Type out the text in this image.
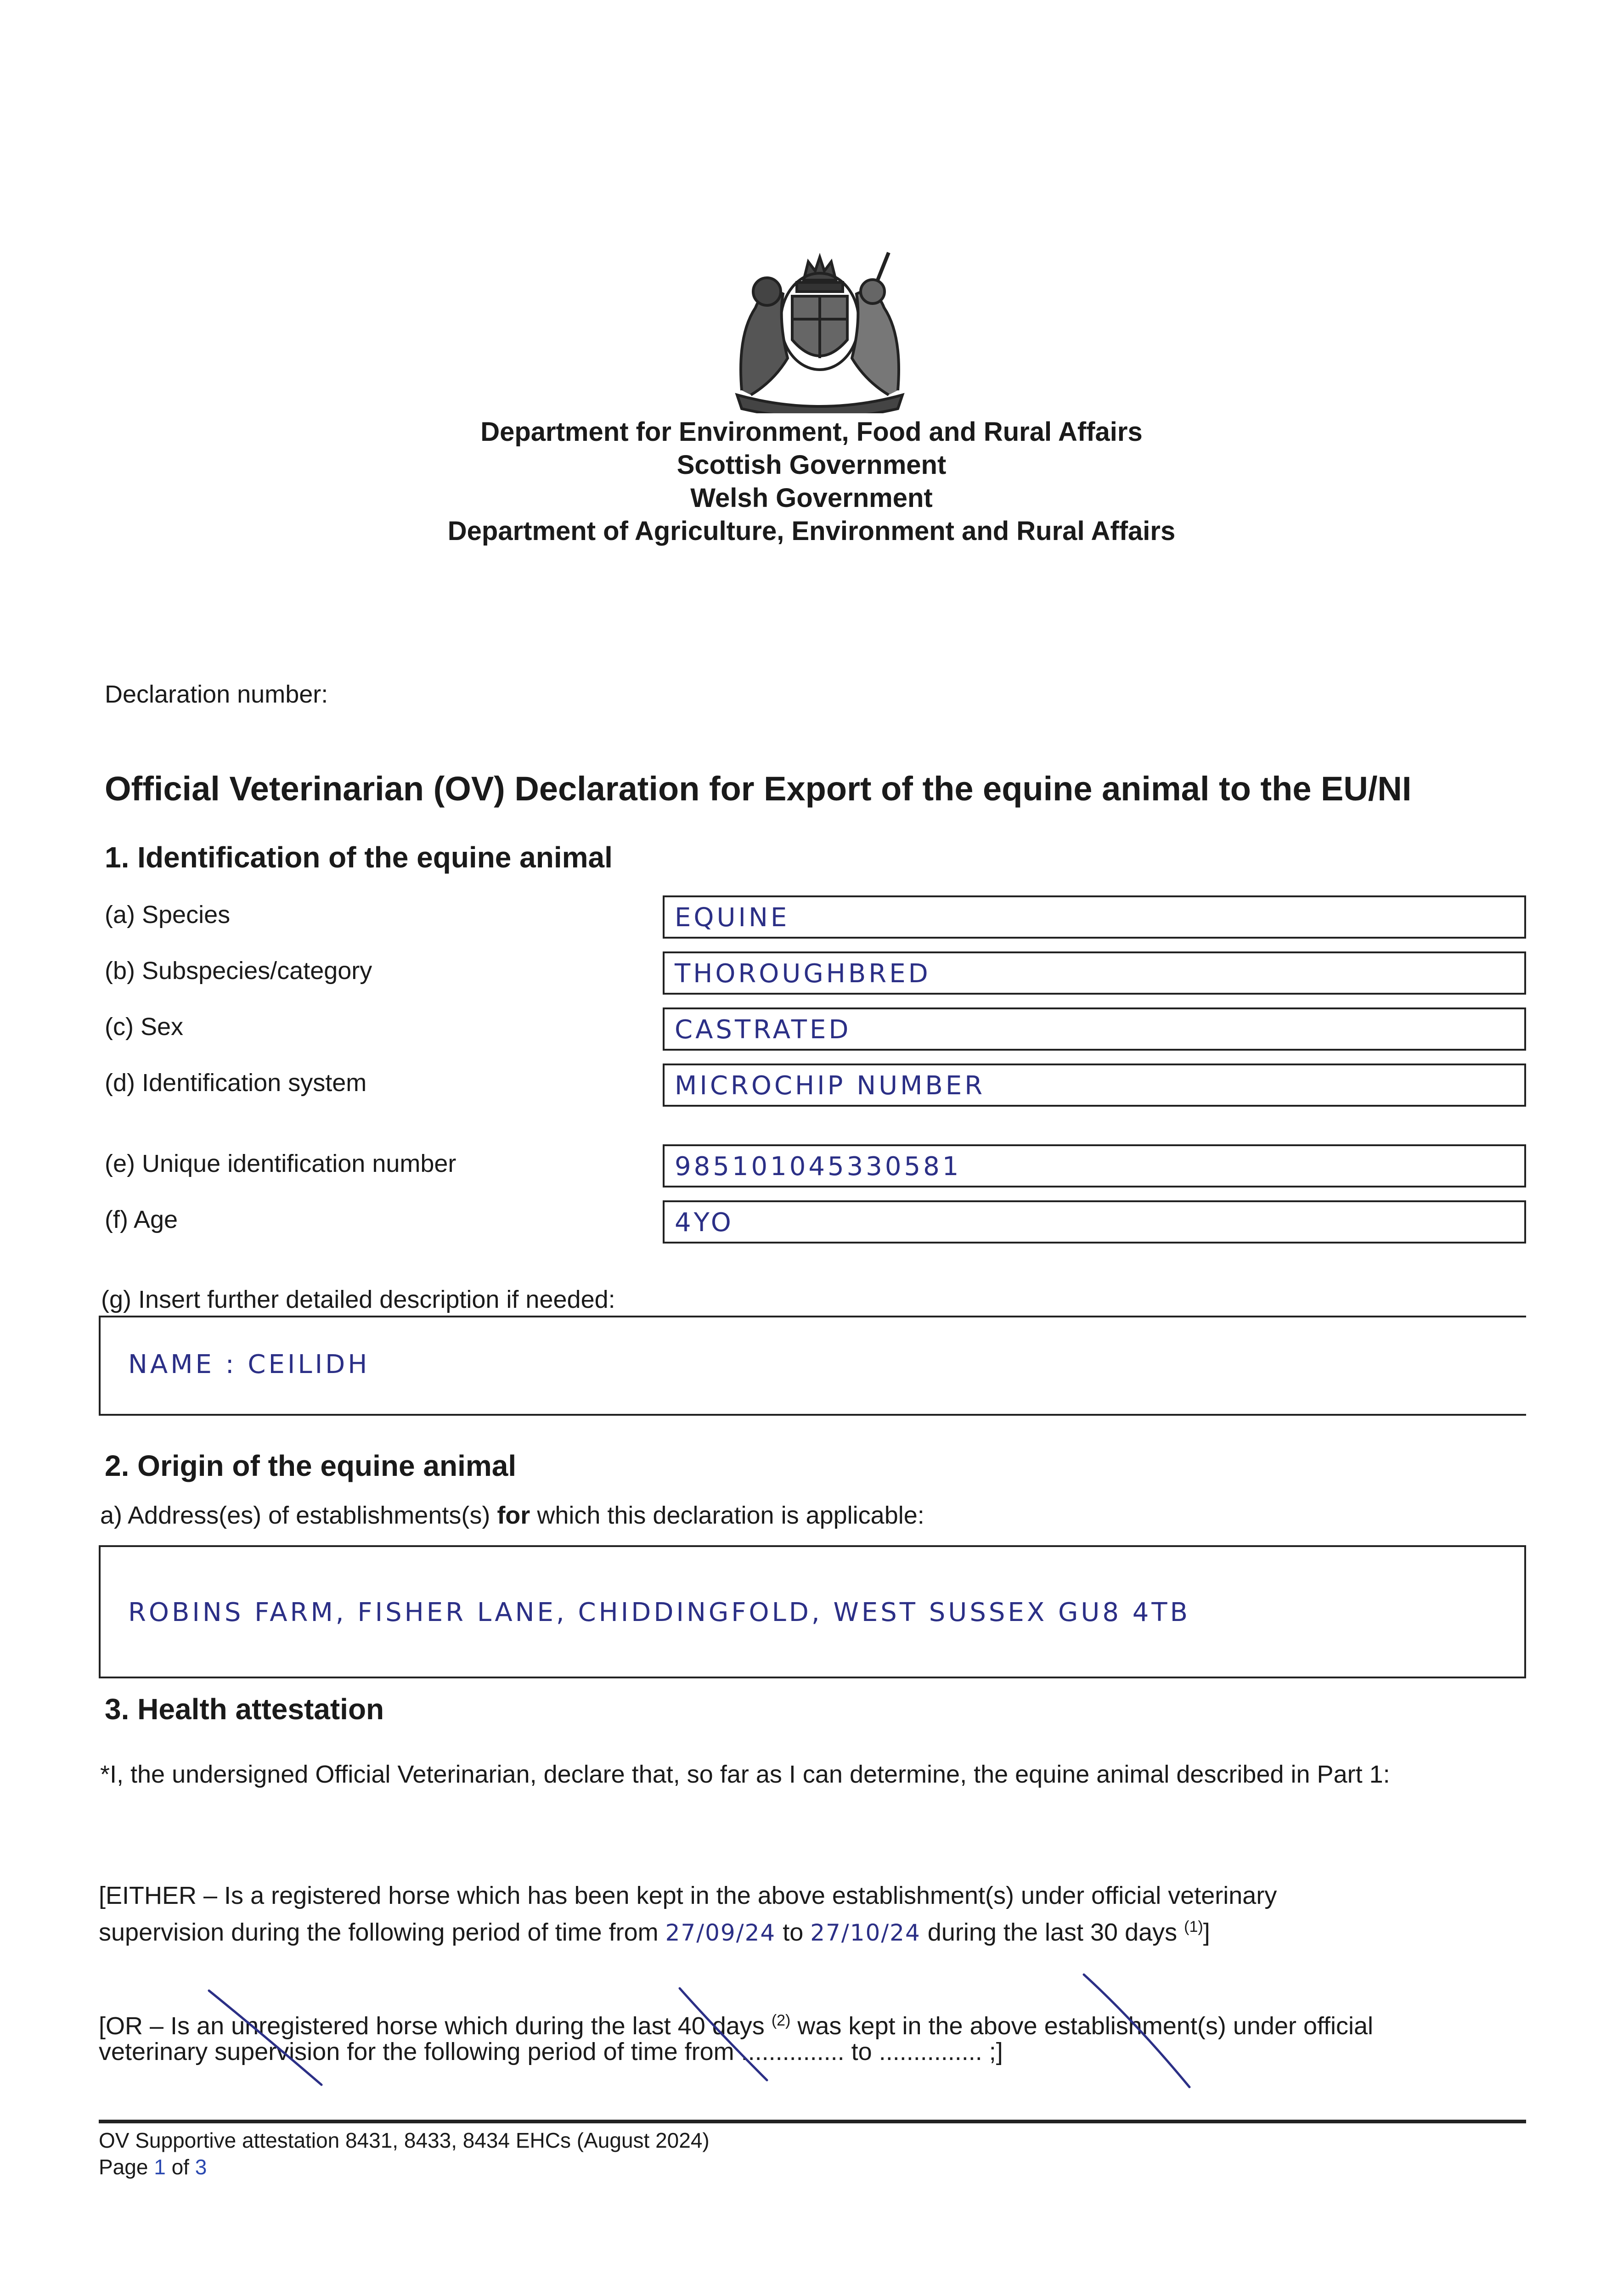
Department for Environment, Food and Rural Affairs
Scottish Government
Welsh Government
Department of Agriculture, Environment and Rural Affairs
Declaration number:
Official Veterinarian (OV) Declaration for Export of the equine animal to the EU/NI
1. Identification of the equine animal
(a) Species	EQUINE
(b) Subspecies/category	THOROUGHBRED
(c) Sex	CASTRATED
(d) Identification system	MICROCHIP NUMBER
(e) Unique identification number	985101045330581
(f) Age	4YO
(g) Insert further detailed description if needed:
NAME : CEILIDH
2. Origin of the equine animal
a) Address(es) of establishments(s) for which this declaration is applicable:
ROBINS FARM, FISHER LANE, CHIDDINGFOLD, WEST SUSSEX GU8 4TB
3. Health attestation
*I, the undersigned Official Veterinarian, declare that, so far as I can determine, the equine animal described in Part 1:
[EITHER – Is a registered horse which has been kept in the above establishment(s) under official veterinary
supervision during the following period of time from 27/09/24 to 27/10/24 during the last 30 days $^{(1)}$]
[OR – Is an unregistered horse which during the last 40 days $^{(2)}$ was kept in the above establishment(s) under official
veterinary supervision for the following period of time from ............... to ............... ;]
OV Supportive attestation 8431, 8433, 8434 EHCs (August 2024)
Page 1 of 3
